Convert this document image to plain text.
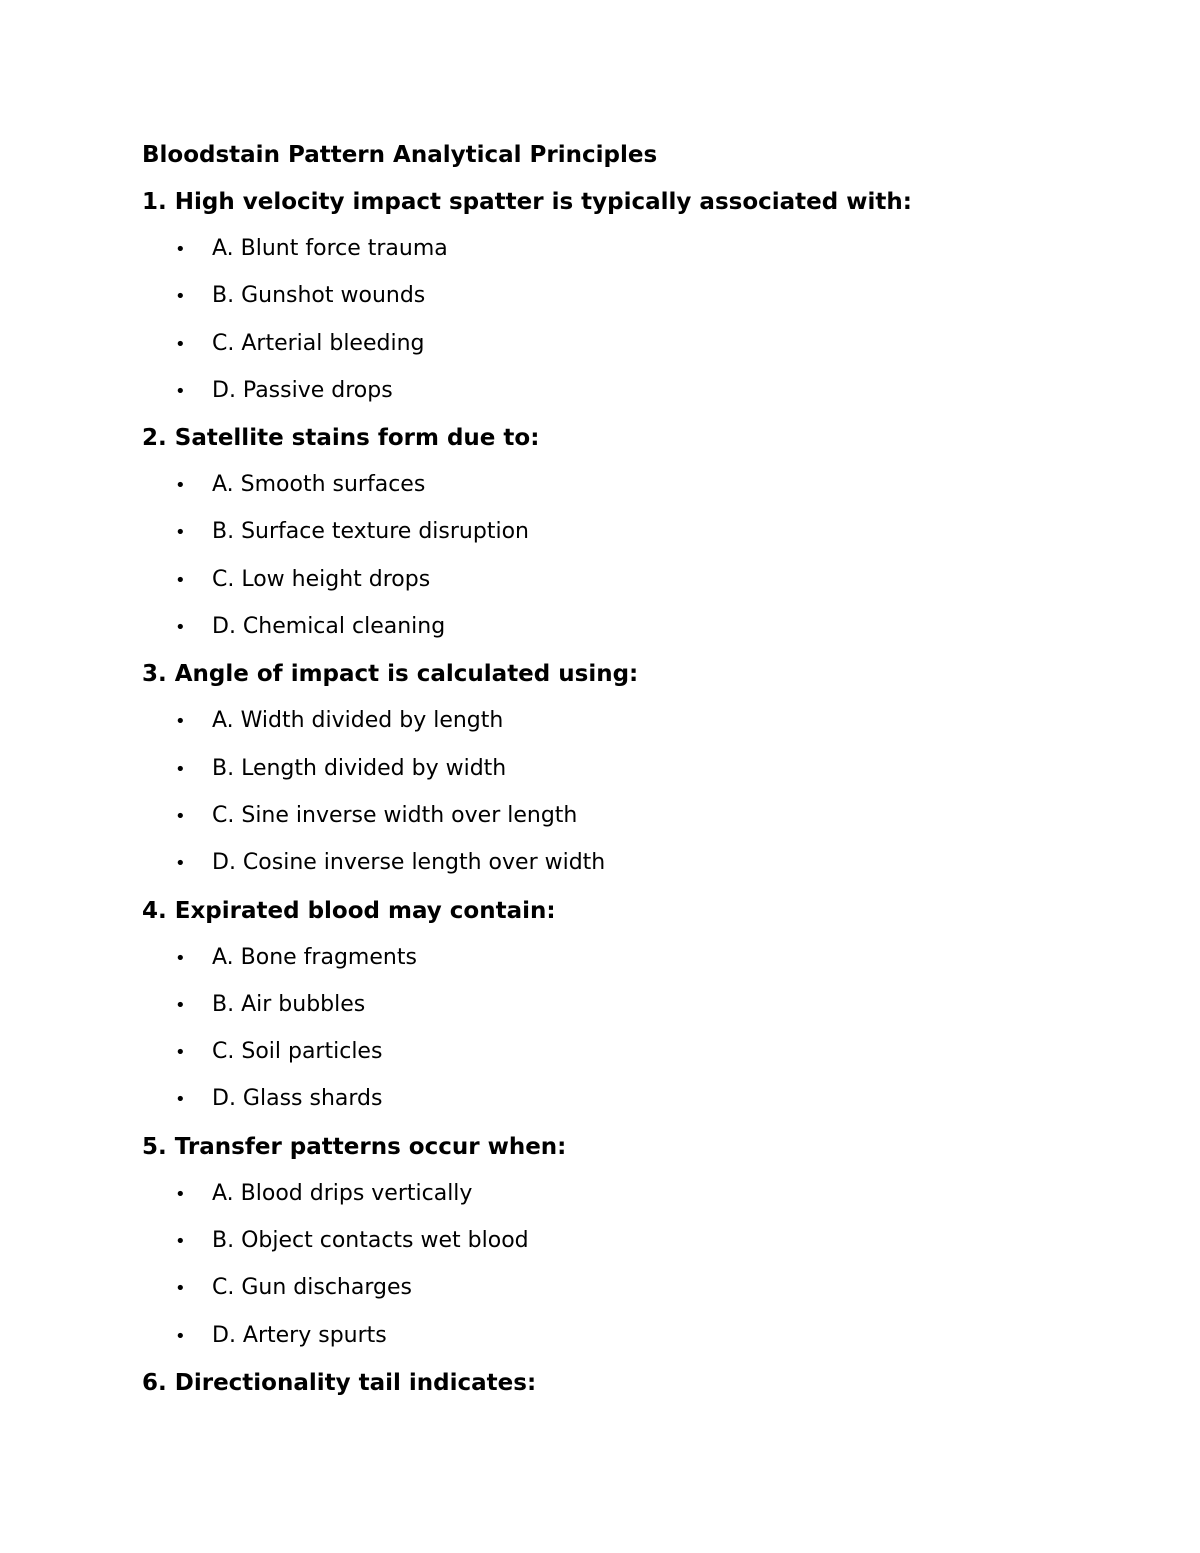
Bloodstain Pattern Analytical Principles
1. High velocity impact spatter is typically associated with:
• A. Blunt force trauma
• B. Gunshot wounds
• C. Arterial bleeding
• D. Passive drops
2. Satellite stains form due to:
• A. Smooth surfaces
• B. Surface texture disruption
• C. Low height drops
• D. Chemical cleaning
3. Angle of impact is calculated using:
• A. Width divided by length
• B. Length divided by width
• C. Sine inverse width over length
• D. Cosine inverse length over width
4. Expirated blood may contain:
• A. Bone fragments
• B. Air bubbles
• C. Soil particles
• D. Glass shards
5. Transfer patterns occur when:
• A. Blood drips vertically
• B. Object contacts wet blood
• C. Gun discharges
• D. Artery spurts
6. Directionality tail indicates:
